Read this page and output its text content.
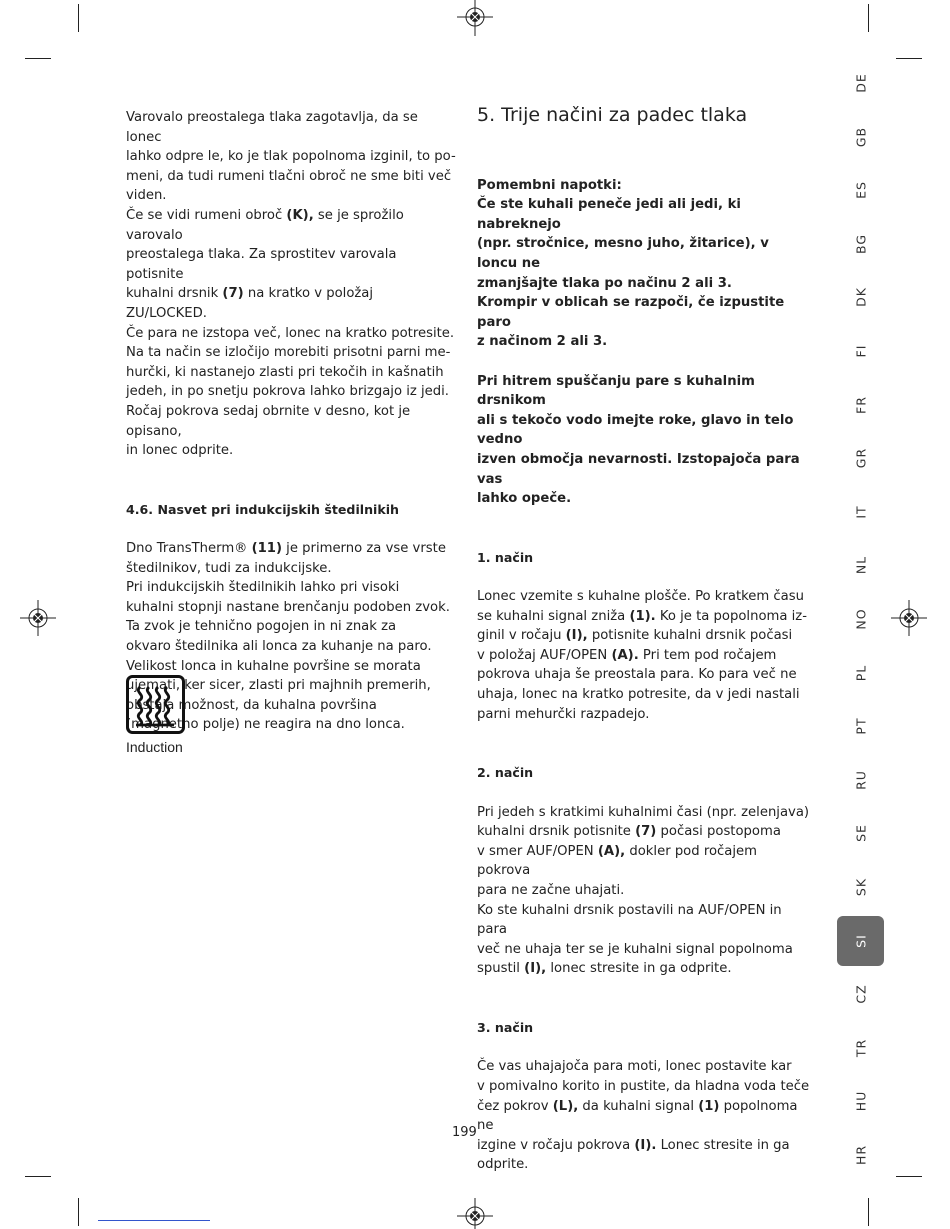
Varovalo preostalega tlaka zagotavlja, da se lonec

lahko odpre le, ko je tlak popolnoma izginil, to po-

meni, da tudi rumeni tlačni obroč ne sme biti več

viden.

Če se vidi rumeni obroč (K), se je sprožilo varovalo

preostalega tlaka. Za sprostitev varovala potisnite

kuhalni drsnik (7) na kratko v položaj ZU/LOCKED.

Če para ne izstopa več, lonec na kratko potresite.

Na ta način se izločijo morebiti prisotni parni me-

hurčki, ki nastanejo zlasti pri tekočih in kašnatih

jedeh, in po snetju pokrova lahko brizgajo iz jedi.

Ročaj pokrova sedaj obrnite v desno, kot je opisano,

in lonec odprite.

4.6. Nasvet pri indukcijskih štedilnikih

Dno TransTherm® (11) je primerno za vse vrste

štedilnikov, tudi za indukcijske.

Pri indukcijskih štedilnikih lahko pri visoki

kuhalni stopnji nastane brenčanju podoben zvok.

Ta zvok je tehnično pogojen in ni znak za

okvaro štedilnika ali lonca za kuhanje na paro.

Velikost lonca in kuhalne površine se morata

ujemati, ker sicer, zlasti pri majhnih premerih,

obstaja možnost, da kuhalna površina

(magnetno polje) ne reagira na dno lonca.

Induction
5. Trije načini za padec tlaka

Pomembni napotki:

Če ste kuhali peneče jedi ali jedi, ki nabreknejo

(npr. stročnice, mesno juho, žitarice), v loncu ne

zmanjšajte tlaka po načinu 2 ali 3.

Krompir v oblicah se razpoči, če izpustite paro

z načinom 2 ali 3.

Pri hitrem spuščanju pare s kuhalnim drsnikom

ali s tekočo vodo imejte roke, glavo in telo vedno

izven območja nevarnosti. Izstopajoča para vas

lahko opeče.

1. način

Lonec vzemite s kuhalne plošče. Po kratkem času

se kuhalni signal zniža (1). Ko je ta popolnoma iz-

ginil v ročaju (I), potisnite kuhalni drsnik počasi

v položaj AUF/OPEN (A). Pri tem pod ročajem

pokrova uhaja še preostala para. Ko para več ne

uhaja, lonec na kratko potresite, da v jedi nastali

parni mehurčki razpadejo.

2. način

Pri jedeh s kratkimi kuhalnimi časi (npr. zelenjava)

kuhalni drsnik potisnite (7) počasi postopoma

v smer AUF/OPEN (A), dokler pod ročajem pokrova

para ne začne uhajati.

Ko ste kuhalni drsnik postavili na AUF/OPEN in para

več ne uhaja ter se je kuhalni signal popolnoma

spustil (I), lonec stresite in ga odprite.

3. način

Če vas uhajajoča para moti, lonec postavite kar

v pomivalno korito in pustite, da hladna voda teče

čez pokrov (L), da kuhalni signal (1) popolnoma ne

izgine v ročaju pokrova (I). Lonec stresite in ga

odprite.

DE
GB
ES
BG
DK
FI
FR
GR
IT
NL
NO
PL
PT
RU
SE
SK
SI
CZ
TR
HU
HR
199
